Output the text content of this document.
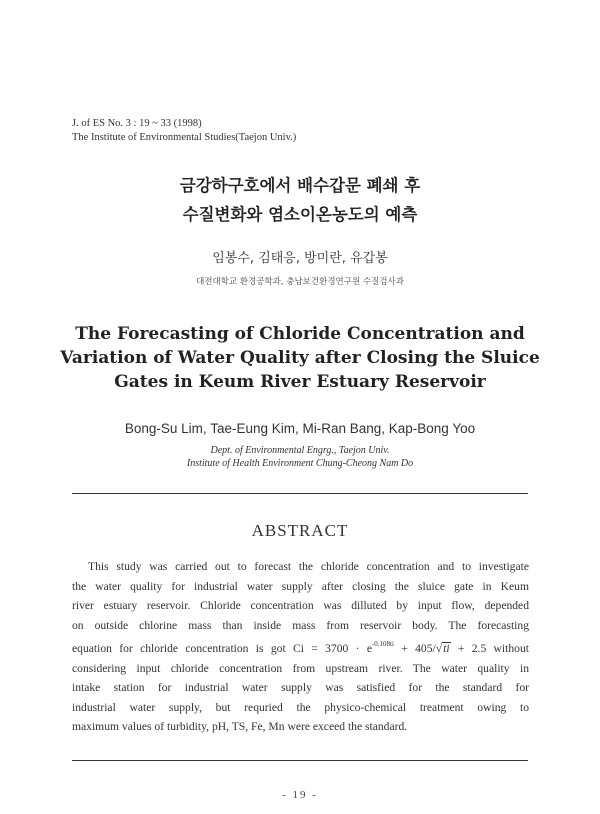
J. of ES No. 3 : 19 ~ 33 (1998)
The Institute of Environmental Studies(Taejon Univ.)
금강하구호에서 배수갑문 폐쇄 후
수질변화와 염소이온농도의 예측
임봉수, 김태응, 방미란, 유갑봉
대전대학교 환경공학과, 충남보건환경연구원 수질검사과
The Forecasting of Chloride Concentration and
Variation of Water Quality after Closing the Sluice
Gates in Keum River Estuary Reservoir
Bong-Su Lim, Tae-Eung Kim, Mi-Ran Bang, Kap-Bong Yoo
Dept. of Environmental Engrg., Taejon Univ.
Institute of Health Environment Chung-Cheong Nam Do
ABSTRACT
This study was carried out to forecast the chloride concentration and to investigate
the water quality for industrial water supply after closing the sluice gate in Keum
river estuary reservoir. Chloride concentration was dilluted by input flow, depended
on outside chlorine mass than inside mass from reservoir body. The forecasting
equation for chloride concentration is got $Ci = 3700 \cdot e^{-0.108ti} + 405/√ti + 2.5$ without
considering input chloride concentration from upstream river. The water quality in
intake station for industrial water supply was satisfied for the standard for
industrial water supply, but requried the physico-chemical treatment owing to
maximum values of turbidity, pH, TS, Fe, Mn were exceed the standard.
- 19 -
